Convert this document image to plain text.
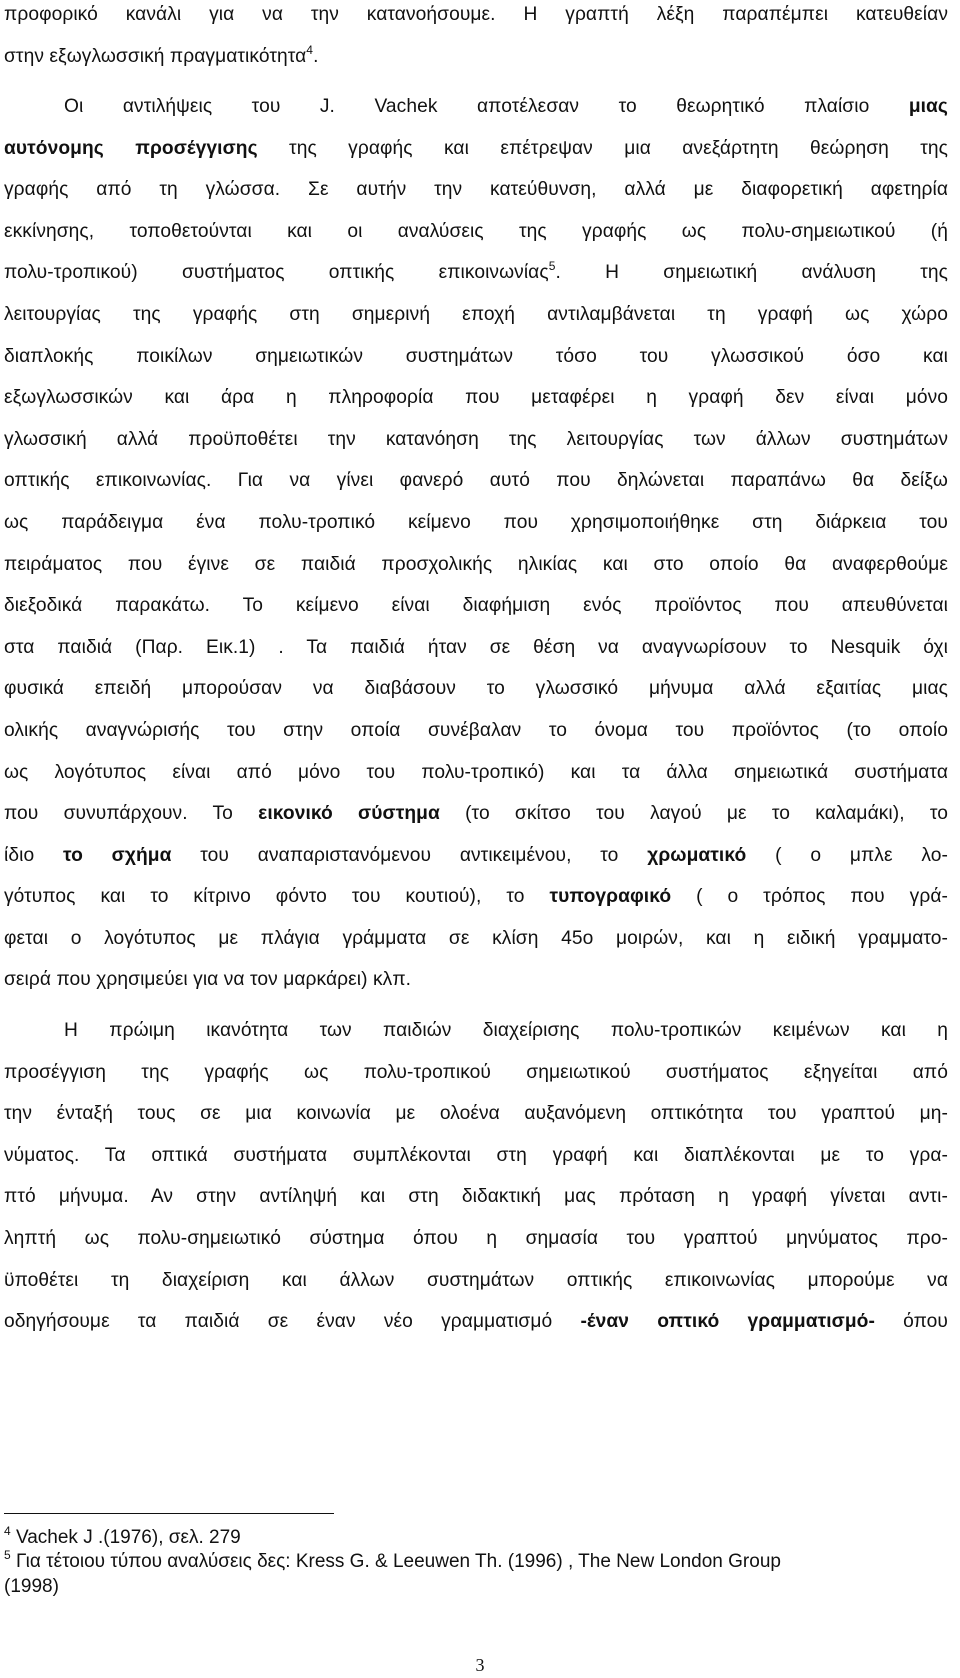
προφορικό κανάλι για να την κατανοήσουμε. Η γραπτή λέξη παραπέμπει κατευθείαν
στην εξωγλωσσική πραγματικότητα$^4$.
Οι αντιλήψεις του J. Vachek αποτέλεσαν το θεωρητικό πλαίσιο μιας
αυτόνομης προσέγγισης της γραφής και επέτρεψαν μια ανεξάρτητη θεώρηση της
γραφής από τη γλώσσα. Σε αυτήν την κατεύθυνση, αλλά με διαφορετική αφετηρία
εκκίνησης, τοποθετούνται και οι αναλύσεις της γραφής ως πολυ-σημειωτικού (ή
πολυ-τροπικού) συστήματος οπτικής επικοινωνίας$^5$. Η σημειωτική ανάλυση της
λειτουργίας της γραφής στη σημερινή εποχή αντιλαμβάνεται τη γραφή ως χώρο
διαπλοκής ποικίλων σημειωτικών συστημάτων τόσο του γλωσσικού όσο και
εξωγλωσσικών και άρα η πληροφορία που μεταφέρει η γραφή δεν είναι μόνο
γλωσσική αλλά προϋποθέτει την κατανόηση της λειτουργίας των άλλων συστημάτων
οπτικής επικοινωνίας. Για να γίνει φανερό αυτό που δηλώνεται παραπάνω θα δείξω
ως παράδειγμα ένα πολυ-τροπικό κείμενο που χρησιμοποιήθηκε στη διάρκεια του
πειράματος που έγινε σε παιδιά προσχολικής ηλικίας και στο οποίο θα αναφερθούμε
διεξοδικά παρακάτω. Το κείμενο είναι διαφήμιση ενός προϊόντος που απευθύνεται
στα παιδιά (Παρ. Εικ.1) . Τα παιδιά ήταν σε θέση να αναγνωρίσουν το Nesquik όχι
φυσικά επειδή μπορούσαν να διαβάσουν το γλωσσικό μήνυμα αλλά εξαιτίας μιας
ολικής αναγνώρισής του στην οποία συνέβαλαν το όνομα του προϊόντος (το οποίο
ως λογότυπος είναι από μόνο του πολυ-τροπικό) και τα άλλα σημειωτικά συστήματα
που συνυπάρχουν. Το εικονικό σύστημα (το σκίτσο του λαγού με το καλαμάκι), το
ίδιο το σχήμα του αναπαριστανόμενου αντικειμένου, το χρωματικό ( ο μπλε λο-
γότυπος και το κίτρινο φόντο του κουτιού), το τυπογραφικό ( ο τρόπος που γρά-
φεται ο λογότυπος με πλάγια γράμματα σε κλίση 45ο μοιρών, και η ειδική γραμματο-
σειρά που χρησιμεύει για να τον μαρκάρει) κλπ.
Η πρώιμη ικανότητα των παιδιών διαχείρισης πολυ-τροπικών κειμένων και η
προσέγγιση της γραφής ως πολυ-τροπικού σημειωτικού συστήματος εξηγείται από
την ένταξή τους σε μια κοινωνία με ολοένα αυξανόμενη οπτικότητα του γραπτού μη-
νύματος. Τα οπτικά συστήματα συμπλέκονται στη γραφή και διαπλέκονται με το γρα-
πτό μήνυμα. Αν στην αντίληψή και στη διδακτική μας πρόταση η γραφή γίνεται αντι-
ληπτή ως πολυ-σημειωτικό σύστημα όπου η σημασία του γραπτού μηνύματος προ-
ϋποθέτει τη διαχείριση και άλλων συστημάτων οπτικής επικοινωνίας μπορούμε να
οδηγήσουμε τα παιδιά σε έναν νέο γραμματισμό -έναν οπτικό γραμματισμό- όπου
$^4$ Vachek J .(1976), σελ. 279
$^5$ Για τέτοιου τύπου αναλύσεις δες: Kress G. & Leeuwen Th. (1996) , The New London Group
(1998)
3
